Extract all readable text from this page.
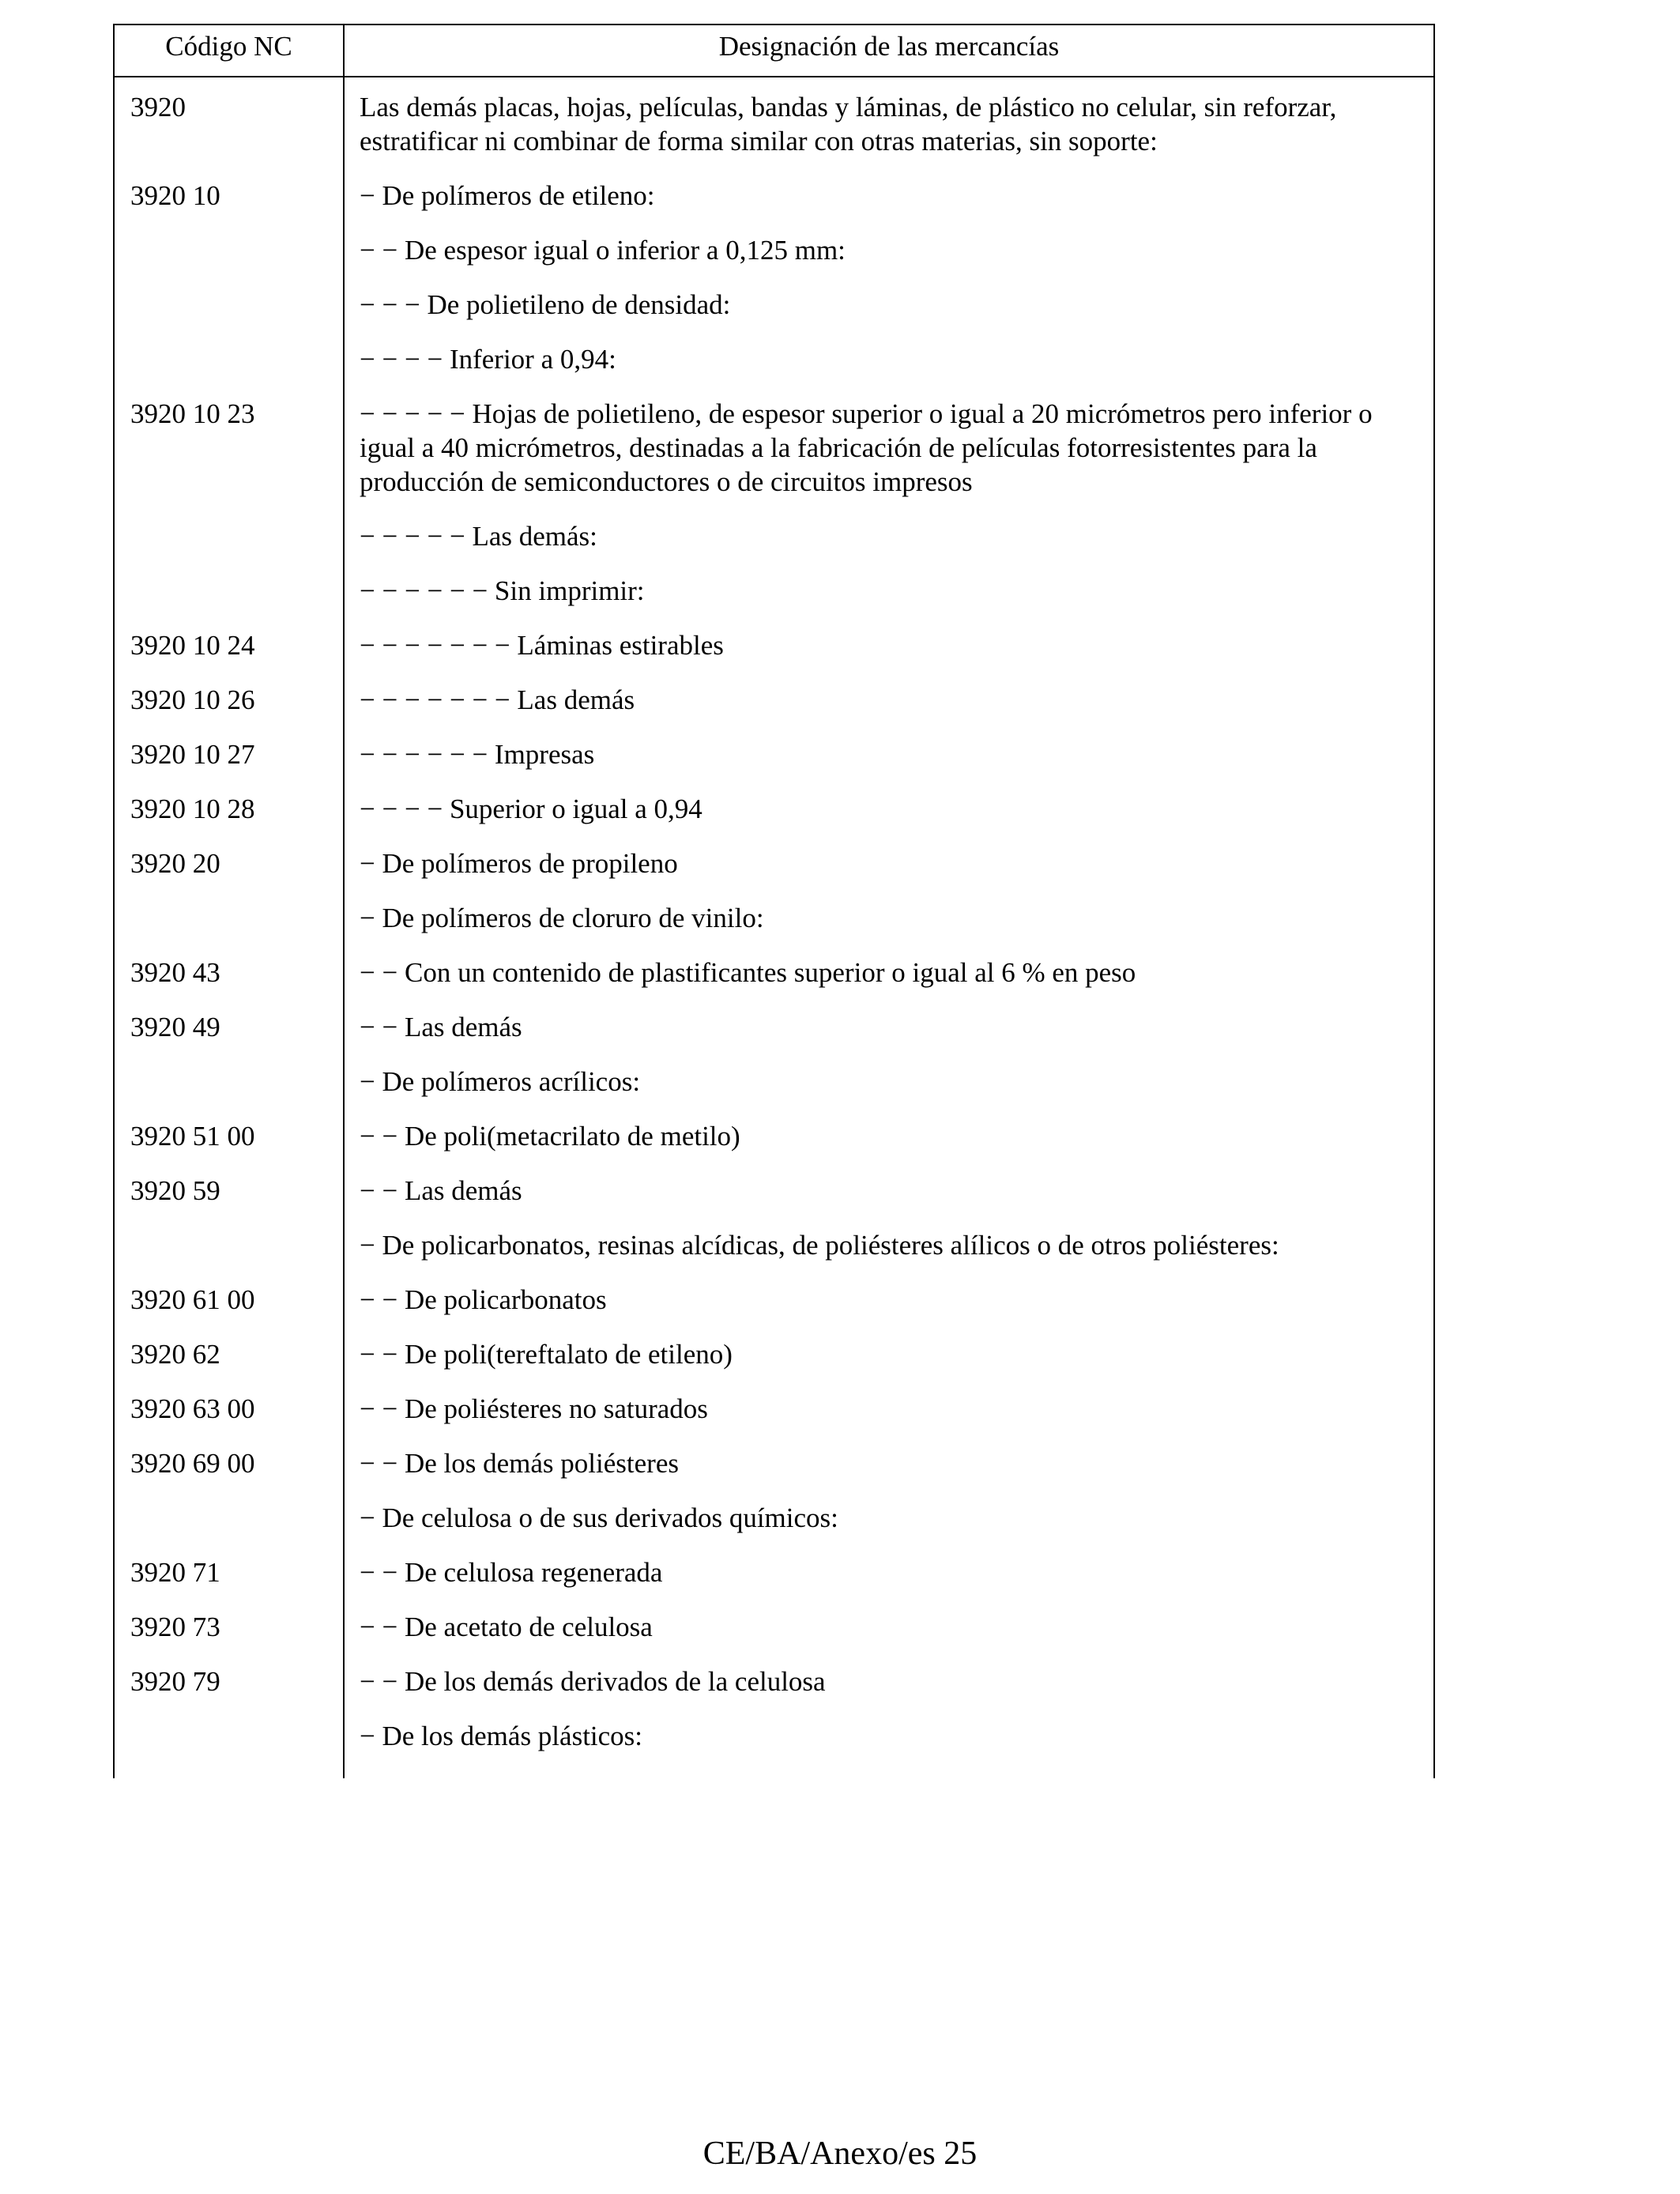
Código NC	Designación de las mercancías
3920	Las demás placas, hojas, películas, bandas y láminas, de plástico no celular, sin reforzar, estratificar ni combinar de forma similar con otras materias, sin soporte:
3920 10	− De polímeros de etileno:
− − De espesor igual o inferior a 0,125 mm:
− − − De polietileno de densidad:
− − − − Inferior a 0,94:
3920 10 23	− − − − − Hojas de polietileno, de espesor superior o igual a 20 micrómetros pero inferior o igual a 40 micrómetros, destinadas a la fabricación de películas fotorresistentes para la producción de semiconductores o de circuitos impresos
− − − − − Las demás:
− − − − − − Sin imprimir:
3920 10 24	− − − − − − − Láminas estirables
3920 10 26	− − − − − − − Las demás
3920 10 27	− − − − − − Impresas
3920 10 28	− − − − Superior o igual a 0,94
3920 20	− De polímeros de propileno
− De polímeros de cloruro de vinilo:
3920 43	− − Con un contenido de plastificantes superior o igual al 6 % en peso
3920 49	− − Las demás
− De polímeros acrílicos:
3920 51 00	− − De poli(metacrilato de metilo)
3920 59	− − Las demás
− De policarbonatos, resinas alcídicas, de poliésteres alílicos o de otros poliésteres:
3920 61 00	− − De policarbonatos
3920 62	− − De poli(tereftalato de etileno)
3920 63 00	− − De poliésteres no saturados
3920 69 00	− − De los demás poliésteres
− De celulosa o de sus derivados químicos:
3920 71	− − De celulosa regenerada
3920 73	− − De acetato de celulosa
3920 79	− − De los demás derivados de la celulosa
− De los demás plásticos:
CE/BA/Anexo/es 25
